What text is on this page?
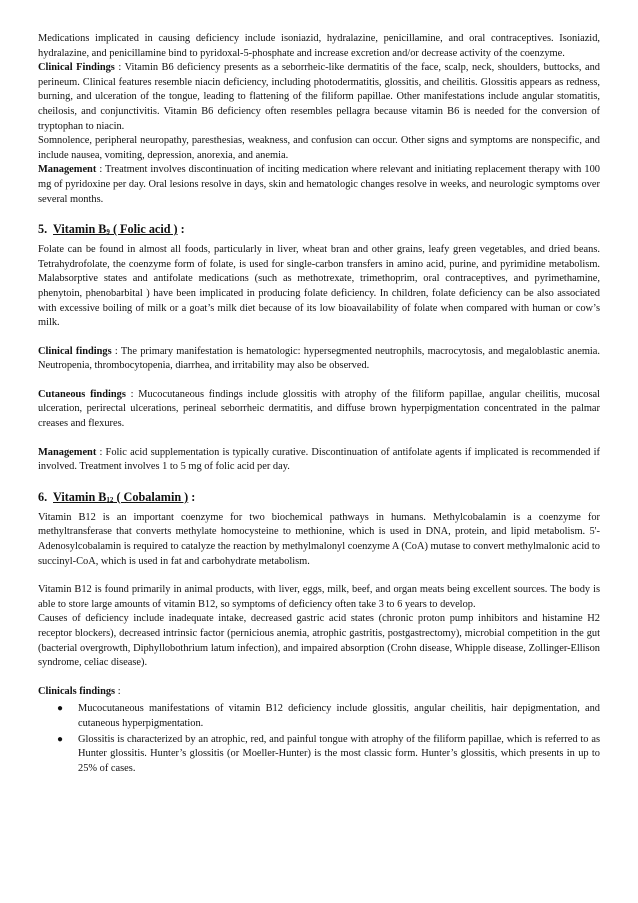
Medications implicated in causing deficiency include isoniazid, hydralazine, penicillamine, and oral contraceptives. Isoniazid, hydralazine, and penicillamine bind to pyridoxal-5-phosphate and increase excretion and/or decrease activity of the coenzyme.

Clinical Findings : Vitamin B6 deficiency presents as a seborrheic-like dermatitis of the face, scalp, neck, shoulders, buttocks, and perineum. Clinical features resemble niacin deficiency, including photodermatitis, glossitis, and cheilitis. Glossitis appears as redness, burning, and ulceration of the tongue, leading to flattening of the filiform papillae. Other manifestations include angular stomatitis, cheilosis, and conjunctivitis. Vitamin B6 deficiency often resembles pellagra because vitamin B6 is needed for the conversion of tryptophan to niacin.

Somnolence, peripheral neuropathy, paresthesias, weakness, and confusion can occur. Other signs and symptoms are nonspecific, and include nausea, vomiting, depression, anorexia, and anemia.

Management : Treatment involves discontinuation of inciting medication where relevant and initiating replacement therapy with 100 mg of pyridoxine per day. Oral lesions resolve in days, skin and hematologic changes resolve in weeks, and neurologic symptoms over several months.

5. Vitamin $B_9$ ( Folic acid ) :

Folate can be found in almost all foods, particularly in liver, wheat bran and other grains, leafy green vegetables, and dried beans. Tetrahydrofolate, the coenzyme form of folate, is used for single-carbon transfers in amino acid, purine, and pyrimidine metabolism. Malabsorptive states and antifolate medications (such as methotrexate, trimethoprim, oral contraceptives, and pyrimethamine, phenytoin, phenobarbital ) have been implicated in producing folate deficiency. In children, folate deficiency can be also associated with excessive boiling of milk or a goat’s milk diet because of its low bioavailability of folate when compared with human or cow’s milk.

Clinical findings : The primary manifestation is hematologic: hypersegmented neutrophils, macrocytosis, and megaloblastic anemia. Neutropenia, thrombocytopenia, diarrhea, and irritability may also be observed.

Cutaneous findings : Mucocutaneous findings include glossitis with atrophy of the filiform papillae, angular cheilitis, mucosal ulceration, perirectal ulcerations, perineal seborrheic dermatitis, and diffuse brown hyperpigmentation concentrated in the palmar creases and flexures.

Management : Folic acid supplementation is typically curative. Discontinuation of antifolate agents if implicated is recommended if involved. Treatment involves 1 to 5 mg of folic acid per day.

6. Vitamin $B_{12}$ ( Cobalamin ) :

Vitamin B12 is an important coenzyme for two biochemical pathways in humans. Methylcobalamin is a coenzyme for methyltransferase that converts methylate homocysteine to methionine, which is used in DNA, protein, and lipid metabolism. 5'-Adenosylcobalamin is required to catalyze the reaction by methylmalonyl coenzyme A (CoA) mutase to convert methylmalonic acid to succinyl-CoA, which is used in fat and carbohydrate metabolism.

Vitamin B12 is found primarily in animal products, with liver, eggs, milk, beef, and organ meats being excellent sources. The body is able to store large amounts of vitamin B12, so symptoms of deficiency often take 3 to 6 years to develop.

Causes of deficiency include inadequate intake, decreased gastric acid states (chronic proton pump inhibitors and histamine H2 receptor blockers), decreased intrinsic factor (pernicious anemia, atrophic gastritis, postgastrectomy), microbial competition in the gut (bacterial overgrowth, Diphyllobothrium latum infection), and impaired absorption (Crohn disease, Whipple disease, Zollinger-Ellison syndrome, celiac disease).

Clinicals findings :

● Mucocutaneous manifestations of vitamin B12 deficiency include glossitis, angular cheilitis, hair depigmentation, and cutaneous hyperpigmentation.
● Glossitis is characterized by an atrophic, red, and painful tongue with atrophy of the filiform papillae, which is referred to as Hunter glossitis. Hunter’s glossitis (or Moeller-Hunter) is the most classic form. Hunter’s glossitis, which presents in up to 25% of cases.
